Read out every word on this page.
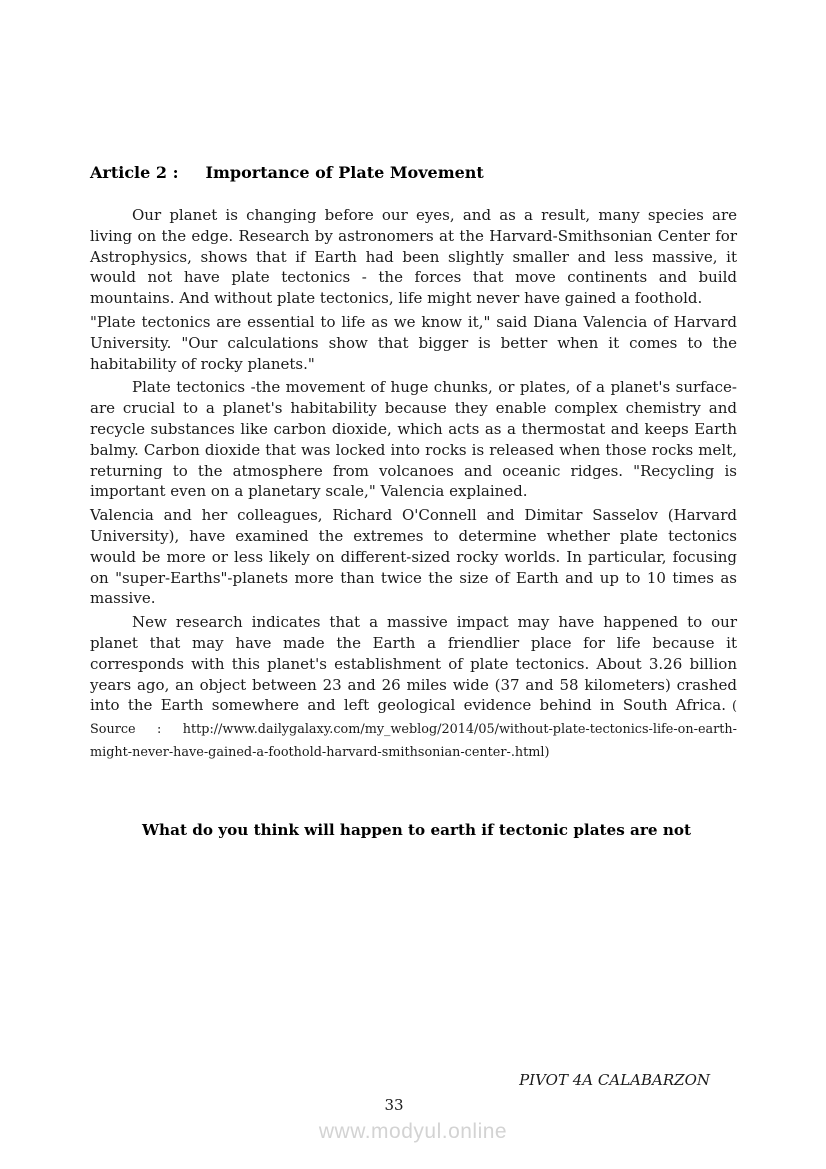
Article 2 : Importance of Plate Movement

Our planet is changing before our eyes, and as a result, many species are living on the edge. Research by astronomers at the Harvard-Smithsonian Center for Astrophysics, shows that if Earth had been slightly smaller and less massive, it would not have plate tectonics - the forces that move continents and build mountains. And without plate tectonics, life might never have gained a foothold.

"Plate tectonics are essential to life as we know it," said Diana Valencia of Harvard University. "Our calculations show that bigger is better when it comes to the habitability of rocky planets."

Plate tectonics -the movement of huge chunks, or plates, of a planet's surface- are crucial to a planet's habitability because they enable complex chemistry and recycle substances like carbon dioxide, which acts as a thermostat and keeps Earth balmy. Carbon dioxide that was locked into rocks is released when those rocks melt, returning to the atmosphere from volcanoes and oceanic ridges. "Recycling is important even on a planetary scale," Valencia explained.

Valencia and her colleagues, Richard O'Connell and Dimitar Sasselov (Harvard University), have examined the extremes to determine whether plate tectonics would be more or less likely on different-sized rocky worlds. In particular, focusing on "super-Earths"-planets more than twice the size of Earth and up to 10 times as massive.

New research indicates that a massive impact may have happened to our planet that may have made the Earth a friendlier place for life because it corresponds with this planet's establishment of plate tectonics. About 3.26 billion years ago, an object between 23 and 26 miles wide (37 and 58 kilometers) crashed into the Earth somewhere and left geological evidence behind in South Africa. ( Source : http://www.dailygalaxy.com/my_weblog/2014/05/without-plate-tectonics-life-on-earth-might-never-have-gained-a-foothold-harvard-smithsonian-center-.html)

What do you think will happen to earth if tectonic plates are not
PIVOT 4A CALABARZON
33
www.modyul.online
